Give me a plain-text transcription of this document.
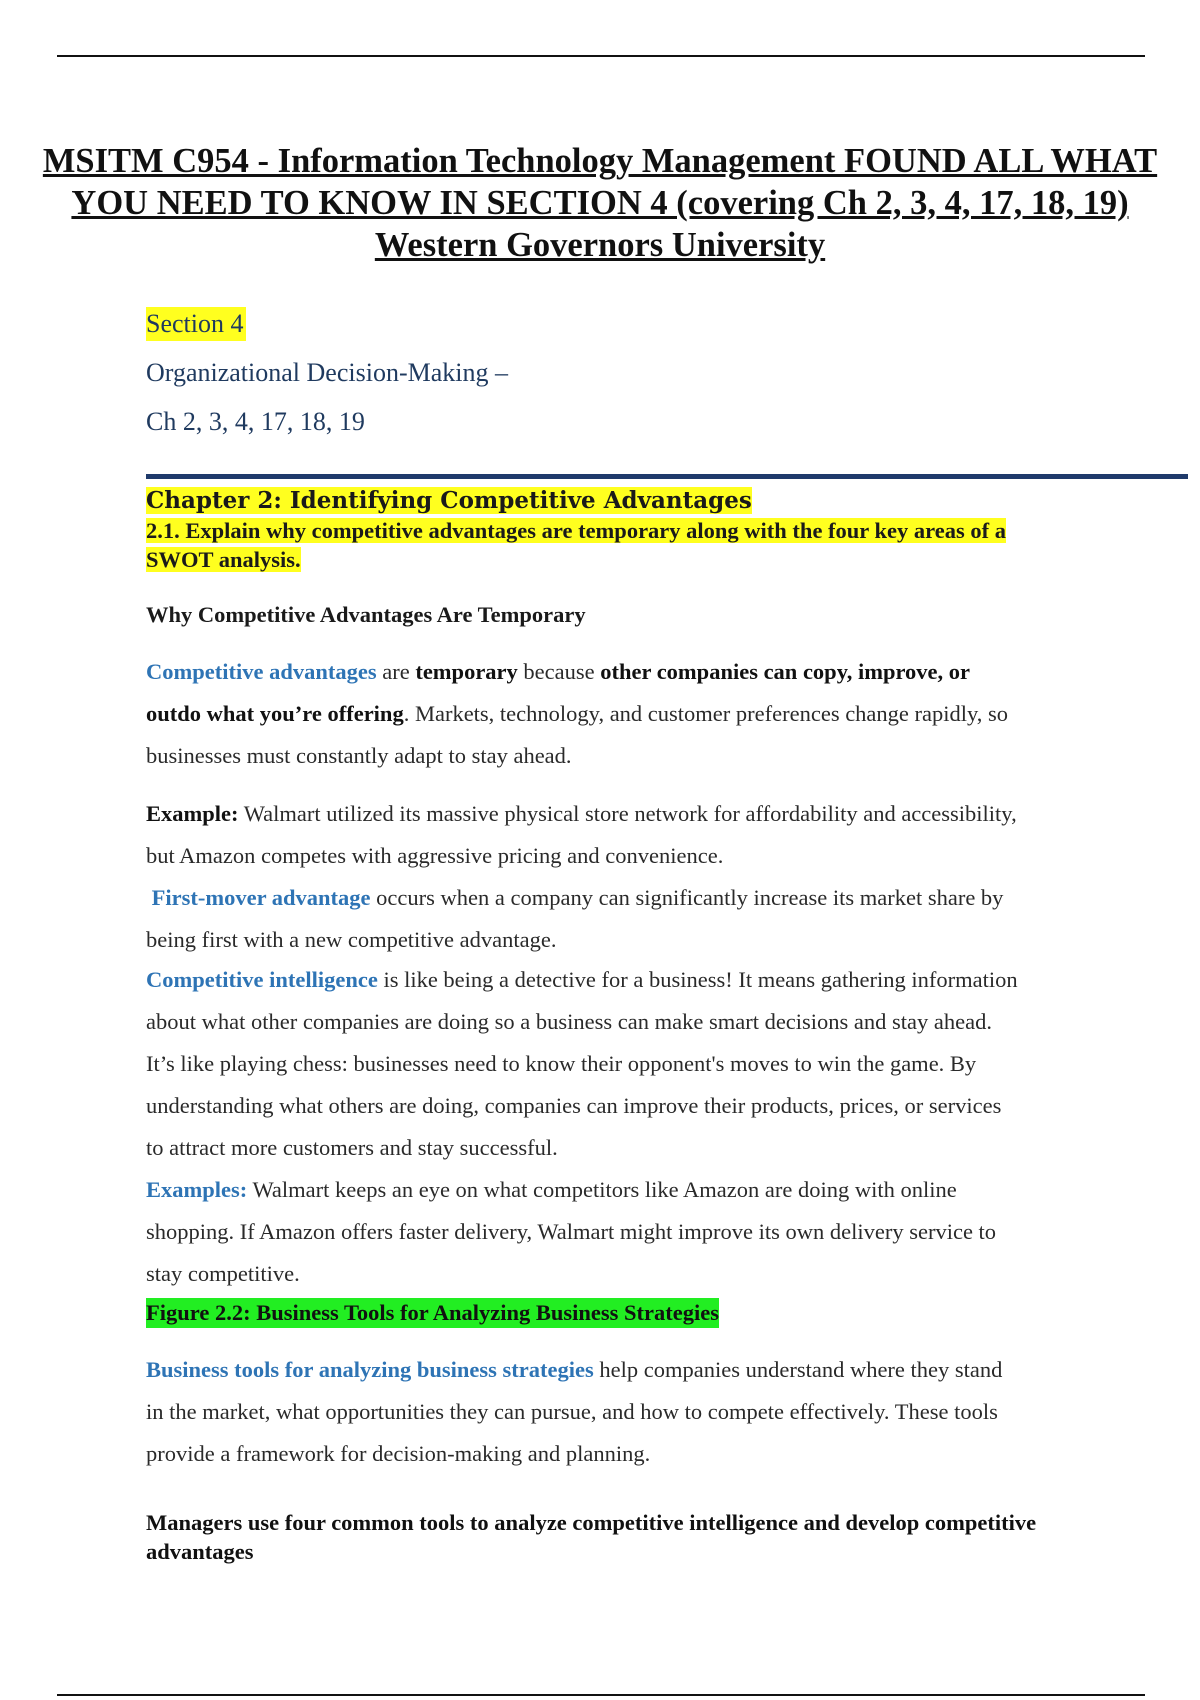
MSITM C954 - Information Technology Management FOUND ALL WHAT
YOU NEED TO KNOW IN SECTION 4 (covering Ch 2, 3, 4, 17, 18, 19)
Western Governors University
Section 4
Organizational Decision-Making –
Ch 2, 3, 4, 17, 18, 19
Chapter 2: Identifying Competitive Advantages
2.1. Explain why competitive advantages are temporary along with the four key areas of a
SWOT analysis.
Why Competitive Advantages Are Temporary
Competitive advantages are temporary because other companies can copy, improve, or
outdo what you’re offering. Markets, technology, and customer preferences change rapidly, so
businesses must constantly adapt to stay ahead.
Example: Walmart utilized its massive physical store network for affordability and accessibility,
but Amazon competes with aggressive pricing and convenience.
First-mover advantage occurs when a company can significantly increase its market share by
being first with a new competitive advantage.
Competitive intelligence is like being a detective for a business! It means gathering information
about what other companies are doing so a business can make smart decisions and stay ahead.
It’s like playing chess: businesses need to know their opponent's moves to win the game. By
understanding what others are doing, companies can improve their products, prices, or services
to attract more customers and stay successful.
Examples: Walmart keeps an eye on what competitors like Amazon are doing with online
shopping. If Amazon offers faster delivery, Walmart might improve its own delivery service to
stay competitive.
Figure 2.2: Business Tools for Analyzing Business Strategies
Business tools for analyzing business strategies help companies understand where they stand
in the market, what opportunities they can pursue, and how to compete effectively. These tools
provide a framework for decision-making and planning.
Managers use four common tools to analyze competitive intelligence and develop competitive advantages
